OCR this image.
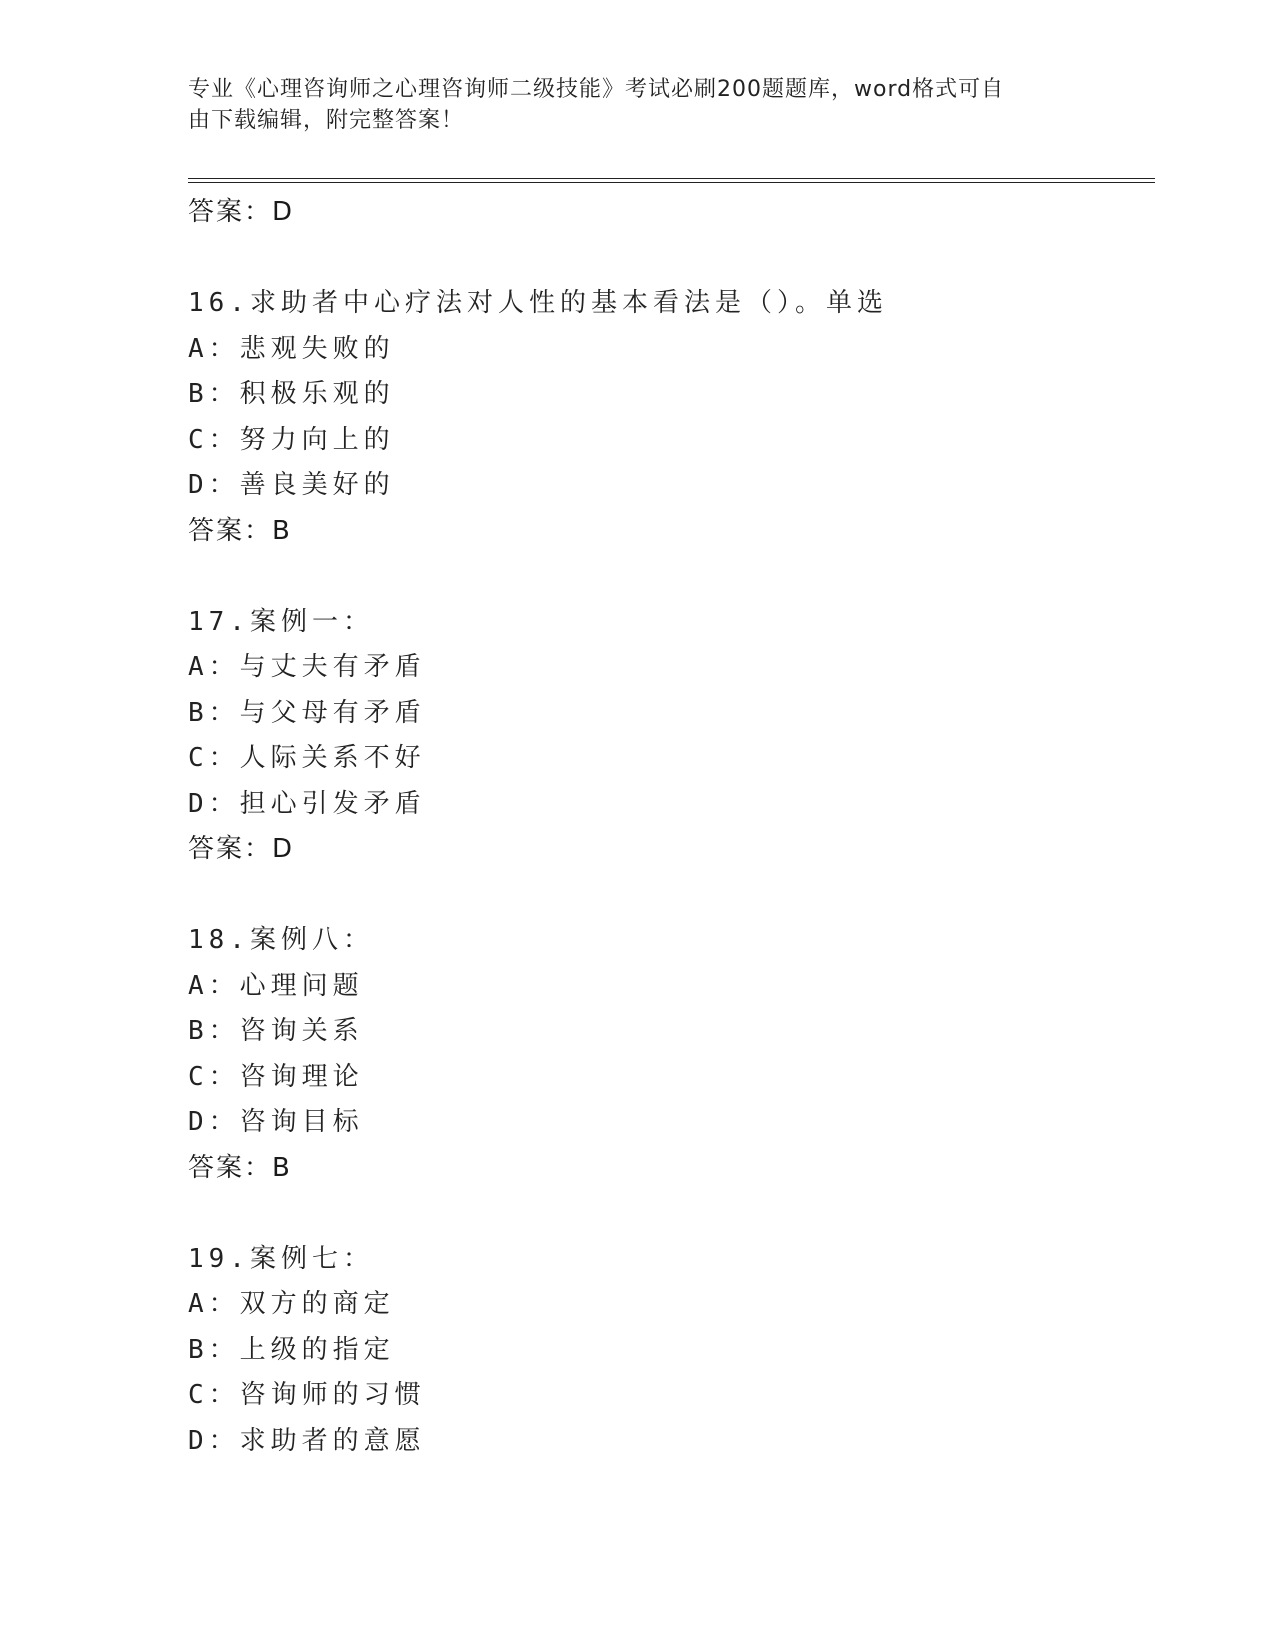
专业《心理咨询师之心理咨询师二级技能》考试必刷200题题库，word格式可自
由下载编辑，附完整答案！
答案：D
16.求助者中心疗法对人性的基本看法是（）。单选
A：悲观失败的
B：积极乐观的
C：努力向上的
D：善良美好的
答案：B
17.案例一：
A：与丈夫有矛盾
B：与父母有矛盾
C：人际关系不好
D：担心引发矛盾
答案：D
18.案例八：
A：心理问题
B：咨询关系
C：咨询理论
D：咨询目标
答案：B
19.案例七：
A：双方的商定
B：上级的指定
C：咨询师的习惯
D：求助者的意愿
